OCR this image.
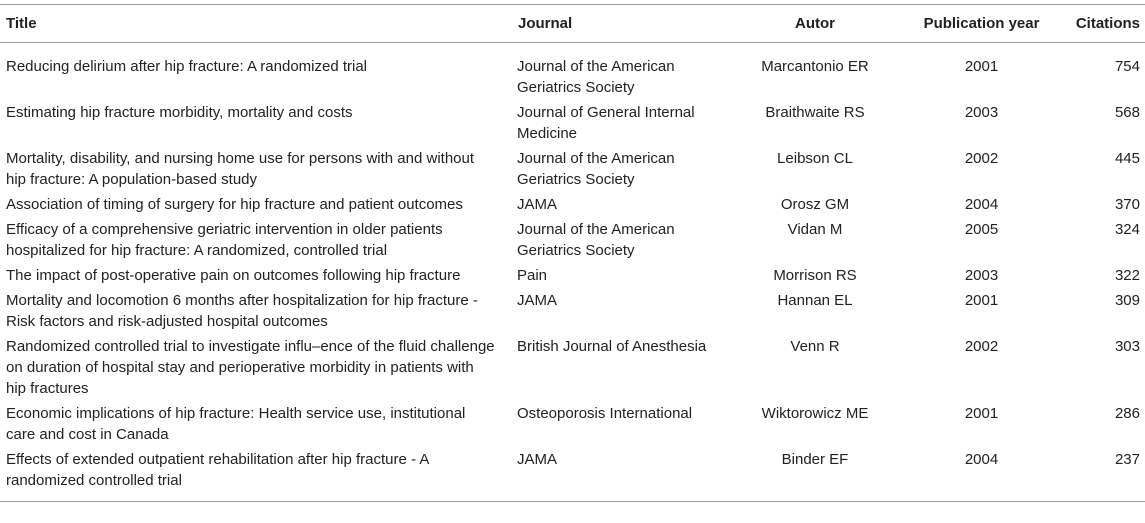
Title	Journal	Autor	Publication year	Citations
Reducing delirium after hip fracture: A randomized trial	Journal of the American Geriatrics Society	Marcantonio ER	2001	754
Estimating hip fracture morbidity, mortality and costs	Journal of General Internal Medicine	Braithwaite RS	2003	568
Mortality, disability, and nursing home use for persons with and without hip fracture: A population-based study	Journal of the American Geriatrics Society	Leibson CL	2002	445
Association of timing of surgery for hip fracture and patient outcomes	JAMA	Orosz GM	2004	370
Efficacy of a comprehensive geriatric intervention in older patients hospitalized for hip fracture: A randomized, controlled trial	Journal of the American Geriatrics Society	Vidan M	2005	324
The impact of post-operative pain on outcomes following hip fracture	Pain	Morrison RS	2003	322
Mortality and locomotion 6 months after hospitalization for hip fracture - Risk factors and risk-adjusted hospital outcomes	JAMA	Hannan EL	2001	309
Randomized controlled trial to investigate influ–ence of the fluid challenge on duration of hospital stay and perioperative morbidity in patients with hip fractures	British Journal of Anesthesia	Venn R	2002	303
Economic implications of hip fracture: Health service use, institutional care and cost in Canada	Osteoporosis International	Wiktorowicz ME	2001	286
Effects of extended outpatient rehabilitation after hip fracture - A randomized controlled trial	JAMA	Binder EF	2004	237
